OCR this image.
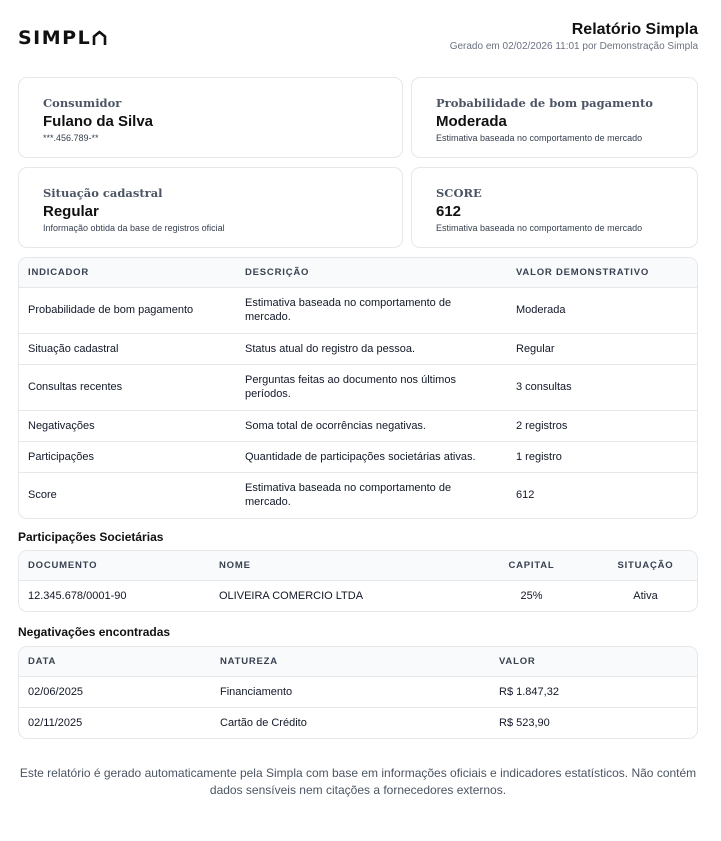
SIMPL	Relatório Simpla
Gerado em 02/02/2026 11:01 por Demonstração Simpla
Consumidor
Fulano da Silva
***.456.789-**
Probabilidade de bom pagamento
Moderada
Estimativa baseada no comportamento de mercado
Situação cadastral
Regular
Informação obtida da base de registros oficial
SCORE
612
Estimativa baseada no comportamento de mercado
INDICADOR	DESCRIÇÃO	VALOR DEMONSTRATIVO
Probabilidade de bom pagamento	Estimativa baseada no comportamento de mercado.	Moderada
Situação cadastral	Status atual do registro da pessoa.	Regular
Consultas recentes	Perguntas feitas ao documento nos últimos períodos.	3 consultas
Negativações	Soma total de ocorrências negativas.	2 registros
Participações	Quantidade de participações societárias ativas.	1 registro
Score	Estimativa baseada no comportamento de mercado.	612
Participações Societárias
DOCUMENTO	NOME	CAPITAL	SITUAÇÃO
12.345.678/0001-90	OLIVEIRA COMERCIO LTDA	25%	Ativa
Negativações encontradas
DATA	NATUREZA	VALOR
02/06/2025	Financiamento	R$ 1.847,32
02/11/2025	Cartão de Crédito	R$ 523,90
Este relatório é gerado automaticamente pela Simpla com base em informações oficiais e indicadores estatísticos. Não contém dados sensíveis nem citações a fornecedores externos.
